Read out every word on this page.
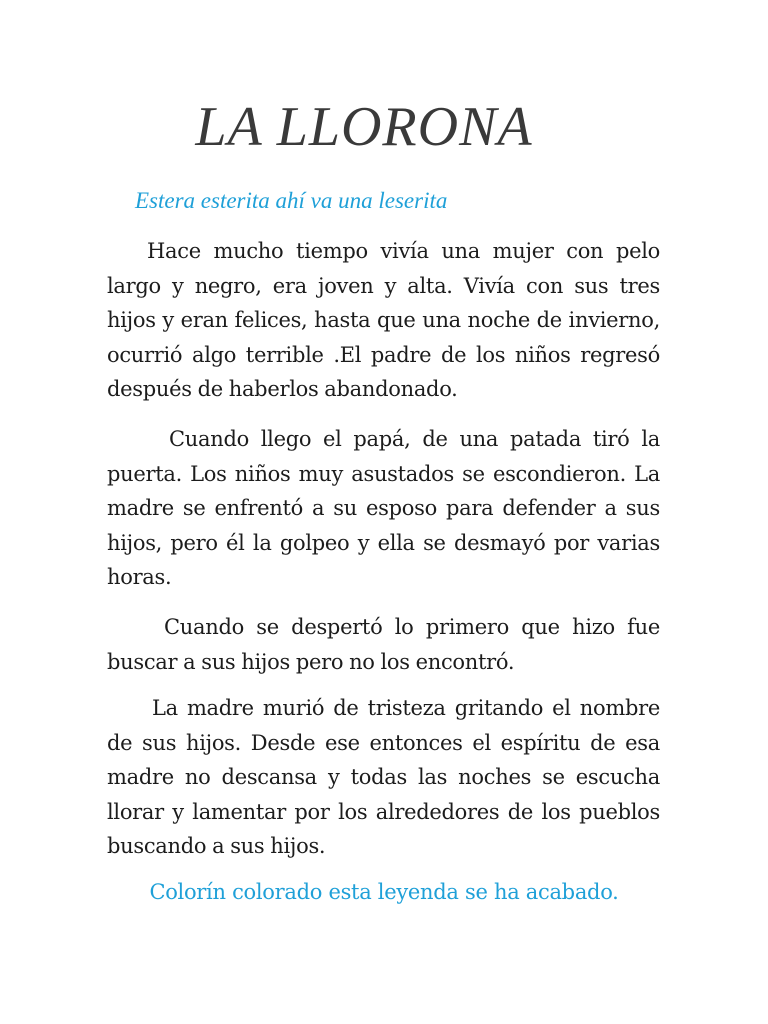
LA LLORONA

Estera esterita ahí va una leserita

Hace mucho tiempo vivía una mujer con pelo largo y negro, era joven y alta. Vivía con sus tres hijos y eran felices, hasta que una noche de invierno, ocurrió algo terrible .El padre de los niños regresó después de haberlos abandonado.

Cuando llego el papá, de una patada tiró la puerta. Los niños muy asustados se escondieron. La madre se enfrentó a su esposo para defender a sus hijos, pero él la golpeo y ella se desmayó por varias horas.

Cuando se despertó lo primero que hizo fue buscar a sus hijos pero no los encontró.

La madre murió de tristeza gritando el nombre de sus hijos. Desde ese entonces el espíritu de esa madre no descansa y todas las noches se escucha llorar y lamentar por los alrededores de los pueblos buscando a sus hijos.

Colorín colorado esta leyenda se ha acabado.
